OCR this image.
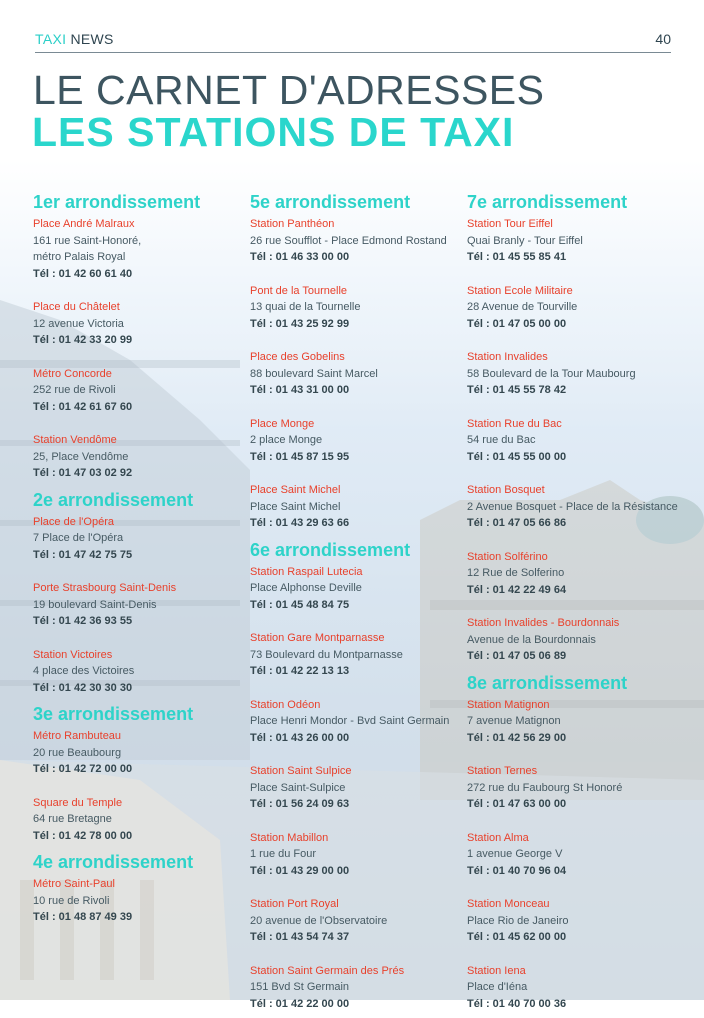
TAXI NEWS	40
LE CARNET D'ADRESSES
LES STATIONS DE TAXI
1er arrondissement
Place André Malraux
161 rue Saint-Honoré,
métro Palais Royal
Tél : 01 42 60 61 40
Place du Châtelet
12 avenue Victoria
Tél : 01 42 33 20 99
Métro Concorde
252 rue de Rivoli
Tél : 01 42 61 67 60
Station Vendôme
25, Place Vendôme
Tél : 01 47 03 02 92
2e arrondissement
Place de l'Opéra
7 Place de l'Opéra
Tél : 01 47 42 75 75
Porte Strasbourg Saint-Denis
19 boulevard Saint-Denis
Tél : 01 42 36 93 55
Station Victoires
4 place des Victoires
Tél : 01 42 30 30 30
3e arrondissement
Métro Rambuteau
20 rue Beaubourg
Tél : 01 42 72 00 00
Square du Temple
64 rue Bretagne
Tél : 01 42 78 00 00
4e arrondissement
Métro Saint-Paul
10 rue de Rivoli
Tél : 01 48 87 49 39
5e arrondissement
Station Panthéon
26 rue Soufflot - Place Edmond Rostand
Tél : 01 46 33 00 00
Pont de la Tournelle
13 quai de la Tournelle
Tél : 01 43 25 92 99
Place des Gobelins
88 boulevard Saint Marcel
Tél : 01 43 31 00 00
Place Monge
2 place Monge
Tél : 01 45 87 15 95
Place Saint Michel
Place Saint Michel
Tél : 01 43 29 63 66
6e arrondissement
Station Raspail Lutecia
Place Alphonse Deville
Tél : 01 45 48 84 75
Station Gare Montparnasse
73 Boulevard du Montparnasse
Tél : 01 42 22 13 13
Station Odéon
Place Henri Mondor - Bvd Saint Germain
Tél : 01 43 26 00 00
Station Saint Sulpice
Place Saint-Sulpice
Tél : 01 56 24 09 63
Station Mabillon
1 rue du Four
Tél : 01 43 29 00 00
Station Port Royal
20 avenue de l'Observatoire
Tél : 01 43 54 74 37
Station Saint Germain des Prés
151 Bvd St Germain
Tél : 01 42 22 00 00
7e arrondissement
Station Tour Eiffel
Quai Branly - Tour Eiffel
Tél : 01 45 55 85 41
Station Ecole Militaire
28 Avenue de Tourville
Tél : 01 47 05 00 00
Station Invalides
58 Boulevard de la Tour Maubourg
Tél : 01 45 55 78 42
Station Rue du Bac
54 rue du Bac
Tél : 01 45 55 00 00
Station Bosquet
2 Avenue Bosquet - Place de la Résistance
Tél : 01 47 05 66 86
Station Solférino
12 Rue de Solferino
Tél : 01 42 22 49 64
Station Invalides - Bourdonnais
Avenue de la Bourdonnais
Tél : 01 47 05 06 89
8e arrondissement
Station Matignon
7 avenue Matignon
Tél : 01 42 56 29 00
Station Ternes
272 rue du Faubourg St Honoré
Tél : 01 47 63 00 00
Station Alma
1 avenue George V
Tél : 01 40 70 96 04
Station Monceau
Place Rio de Janeiro
Tél : 01 45 62 00 00
Station Iena
Place d'Iéna
Tél : 01 40 70 00 36
